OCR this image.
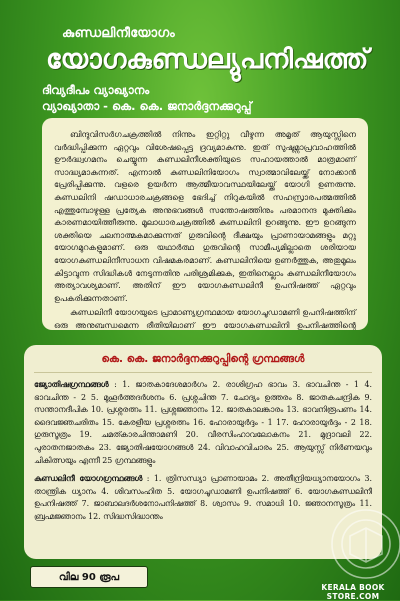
കുണ്ഡലിനീയോഗം
യോഗകുണ്ഡല്യുപനിഷത്ത്
ദിവ്യദീപം വ്യാഖ്യാനം
വ്യാഖ്യാതാ - കെ. കെ. ജനാർദ്ദനക്കുറുപ്പ്

ബിന്ദുവിസർഗചക്രത്തിൽ നിന്നും ഇറ്റിറ്റു വീഴുന്ന അമൃത് ആയുസ്സിനെ വർദ്ധിപ്പിക്കുന്ന ഏറ്റവും വിശേഷപ്പെട്ട ദ്രവ്യമാകുന്നു. ഇത് സുഷുമ്നാപ്രവാഹത്തിൽ ഊർദ്ധ്വഗമനം ചെയ്യുന്ന കുണ്ഡലിനീശക്തിയുടെ സഹായത്താൽ മാത്രമാണ് സാദ്ധ്യമാകുന്നത്. എന്നാൽ കുണ്ഡലിനിയോഗം സ്വാത്മാവിലേയ്ക്ക് നോക്കാൻ പ്രേരിപ്പിക്കുന്നു. വളരെ ഉയർന്ന ആത്മീയാവസ്ഥയിലേയ്ക്ക് യോഗി ഉണരുന്നു. കുണ്ഡലിനി ഷഡാധാരചക്രങ്ങളെ ഭേദിച്ച് നിറുകയിൽ സഹസ്രാരപത്മത്തിൽ എത്തുമ്പോഴുള്ള പ്രത്യേക അനുഭവങ്ങൾ സന്തോഷത്തിനും പരമാനന്ദ മുക്തിക്കും കാരണമായിത്തീരുന്നു. മൂലാധാരചക്രത്തിൽ കുണ്ഡലിനി ഉറങ്ങുന്നു. ഈ ഉറങ്ങുന്ന ശക്തിയെ ചലനാത്മകമാക്കുന്നത് ഗുരുവിന്റെ ദീക്ഷയും പ്രാണായാമങ്ങളും മറ്റു യോഗമുറകളുമാണ്. ഒരു യഥാർത്ഥ ഗുരുവിന്റെ സാമീപ്യമില്ലാതെ ശരിയായ യോഗകുണ്ഡലിനീസാധന വിഷമകരമാണ്. കുണ്ഡലിനിയെ ഉണർത്തുക, അതുമൂലം കിട്ടാവുന്ന സിദ്ധികൾ നേടുന്നതിനു പരിശ്രമിക്കുക, ഇതിനെല്ലാം കുണ്ഡലിനീയോഗം അത്യാവശ്യമാണ്. അതിന് ഈ യോഗകുണ്ഡലിനീ ഉപനിഷത്ത് ഏറ്റവും ഉപകരിക്കുന്നതാണ്.

കുണ്ഡലിനീ യോഗയുടെ പ്രാമാണ്യഗ്രന്ഥമായ യോഗചൂഡാമണി ഉപനിഷത്തിന് ഒരു അനുബന്ധമെന്ന രീതിയിലാണ് ഈ യോഗകുണ്ഡലിനി ഉപനിഷത്തിന്റെ

കെ. കെ. ജനാർദ്ദനക്കുറുപ്പിന്റെ ഗ്രന്ഥങ്ങൾ
ജ്യോതിഷഗ്രന്ഥങ്ങൾ : 1. ജാതകാദേശമാർഗം 2. രാശിഗ്രഹ ഭാവം 3. ഭാവചിന്ത - 1 4. ഭാവചിന്ത - 2 5. മുഹൂർത്തദർശനം 6. പ്രശ്നചിന്ത 7. ചോദ്യം ഉത്തരം 8. ജാതകചന്ദ്രിക 9. സന്താനദീപിക 10. പ്രശ്നരത്നം 11. പ്രശ്നജ്ഞാനം 12. ജാതകാലങ്കാരം 13. ഭാവനിരൂപണം 14. ദൈവജ്ഞചരിതം 15. കേരളീയ പ്രശ്നരത്നം 16. ഹോരായുർദ്ദം - 1 17. ഹോരായുർദ്ദം - 2 18. ഗുരുസൂത്രം 19. ചമത്കാരചിന്താമണി 20. വീരസിംഹാവലോകനം 21. മുദ്രാവലി 22. പുരാതനജാതകം 23. ജ്യോതിഷയോഗങ്ങൾ 24. വിവാഹവിചാരം 25. ആയുസ്സ് നിർണയവും ചികിത്സയും എന്നീ 25 ഗ്രന്ഥങ്ങളും
കുണ്ഡലിനീ യോഗഗ്രന്ഥങ്ങൾ : 1. ത്രിസന്ധ്യാ പ്രാണായാമം 2. അതീന്ദ്രിയധ്യാനയോഗം 3. താന്ത്രിക ധ്യാനം 4. ശിവസംഹിത 5. യോഗചൂഡാമണി ഉപനിഷത്ത് 6. യോഗകുണ്ഡലിനീ ഉപനിഷത്ത് 7. ജാബാലദർശനോപനിഷത്ത് 8. ശ്വാസം 9. സമാധി 10. ജ്ഞാനസൂത്രം 11. ബ്രഹ്മജ്ഞാനം 12. സിദ്ധസിദ്ധാന്തം
വില 90 രൂപ
KERALA BOOK STORE.COM
